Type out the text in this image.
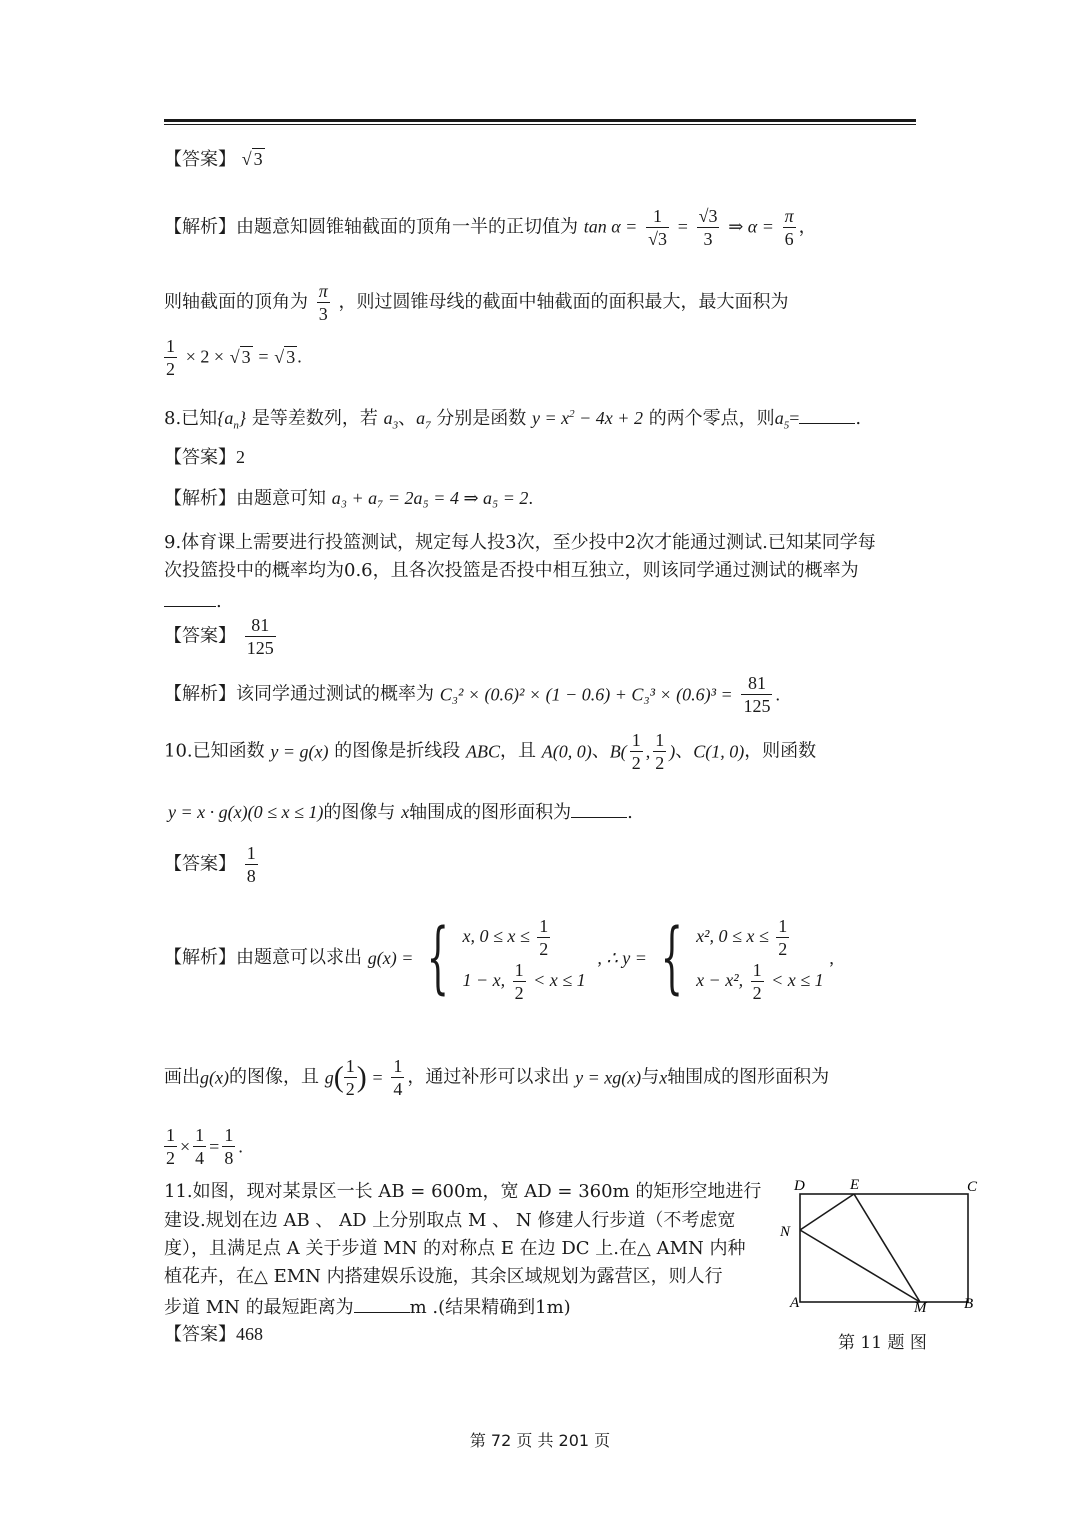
【答案】 √ 3
【解析】由题意知圆锥轴截面的顶角一半的正切值为 $\tan \alpha = \frac{1}{√3} = \frac{√3}{3}$ ⇒ $\alpha = \frac{\pi}{6}$ ，
则轴截面的顶角为 $\frac{\pi}{3}$ ，则过圆锥母线的截面中轴截面的面积最大，最大面积为
$\frac{1}{2} \times 2$ × √ 3 = √ 3 .
8.已知$\{a_n\}$ 是等差数列，若 $a_3$、$a_7$ 分别是函数 $y = x^2 - 4x + 2$ 的两个零点，则$a_5=$	.
【答案】2
【解析】由题意可知 a₃ + a₇ = 2a₅ = 4 ⇒ a₅ = 2.
9.体育课上需要进行投篮测试，规定每人投3次，至少投中2次才能通过测试.已知某同学每
次投篮投中的概率均为0.6，且各次投篮是否投中相互独立，则该同学通过测试的概率为
.
【答案】 $\frac{81}{125}$
【解析】该同学通过测试的概率为 $C_3^2 \times (0.6)^2 \times (1 - 0.6) + C_3^3 \times (0.6)^3 = \frac{81}{125}$ .
10.已知函数 y = g(x) 的图像是折线段 ABC，且 A(0, 0)、$B( \frac{1}{2}$ , $\frac{1}{2}$ )、C(1, 0)，则函数
y = x · g(x)(0 ≤ x ≤ 1)的图像与 x轴围成的图形面积为	.
【答案】 $\frac{1}{8}$
【解析】由题意可以求出 g(x) = { x, $0 \le x \le \frac{1}{2}$
1 − x, $\frac{1}{2} < x \le 1$
, ∴ y = { x², $0 \le x \le \frac{1}{2}$
x − x², $\frac{1}{2} < x \le 1$
,
画出g(x)的图像，且 $g( \frac{1}{2}$ ) = $\frac{1}{4}$ ，通过补形可以求出 y = xg(x)与x轴围成的图形面积为
$\frac{1}{2} \times \frac{1}{4} = \frac{1}{8}$ .
11.如图，现对某景区一长 AB = 600m，宽 AD = 360m 的矩形空地进行
建设.规划在边 AB 、 AD 上分别取点 M 、 N 修建人行步道（不考虑宽
度），且满足点 A 关于步道 MN 的对称点 E 在边 DC 上.在△ AMN 内种
植花卉，在△ EMN 内搭建娱乐设施，其余区域规划为露营区，则人行
步道 MN 的最短距离为	m .(结果精确到1m)
【答案】468
D	E	C
N
A	M	B
第 11 题 图
第 72 页 共 201 页
